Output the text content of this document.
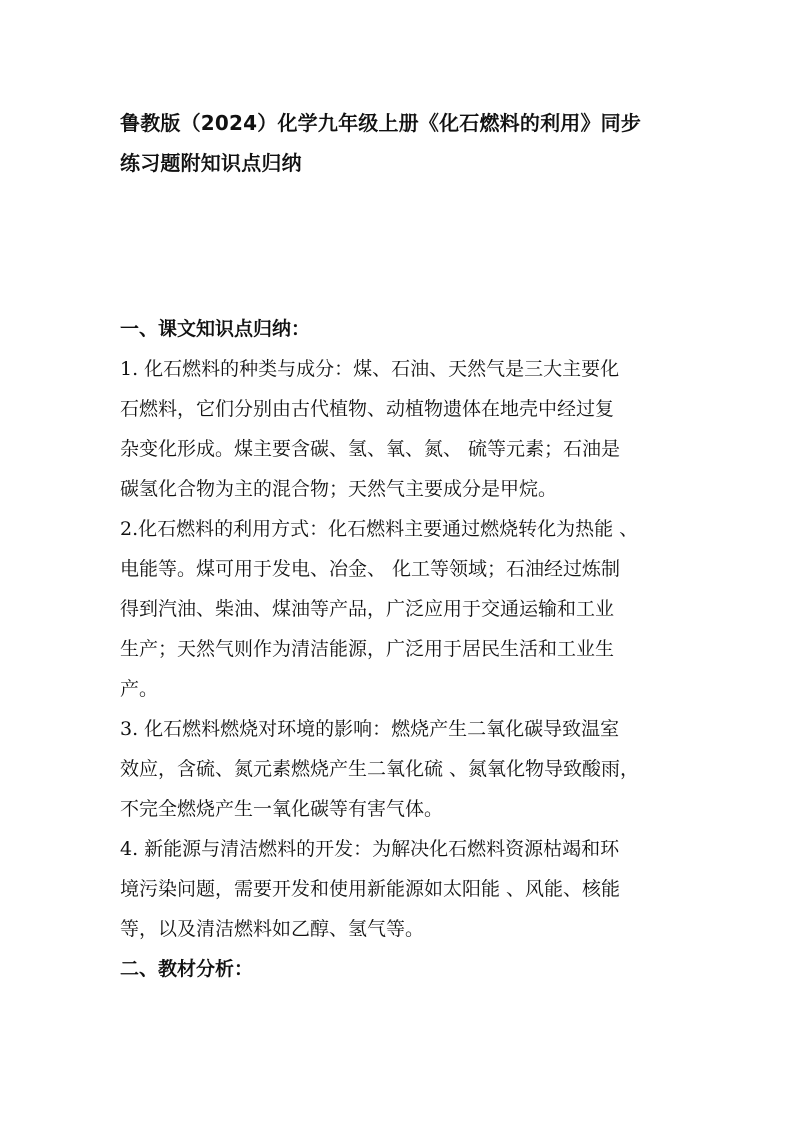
鲁教版（2024）化学九年级上册《化石燃料的利用》同步
练习题附知识点归纳
一、课文知识点归纳：

1. 化石燃料的种类与成分：煤、石油、天然气是三大主要化
石燃料，它们分别由古代植物、动植物遗体在地壳中经过复
杂变化形成。煤主要含碳、氢、氧、氮、 硫等元素；石油是
碳氢化合物为主的混合物；天然气主要成分是甲烷。

2.化石燃料的利用方式：化石燃料主要通过燃烧转化为热能 、
电能等。煤可用于发电、冶金、 化工等领域；石油经过炼制
得到汽油、柴油、煤油等产品，广泛应用于交通运输和工业
生产；天然气则作为清洁能源，广泛用于居民生活和工业生
产。

3. 化石燃料燃烧对环境的影响：燃烧产生二氧化碳导致温室
效应，含硫、氮元素燃烧产生二氧化硫 、氮氧化物导致酸雨，
不完全燃烧产生一氧化碳等有害气体。

4. 新能源与清洁燃料的开发：为解决化石燃料资源枯竭和环
境污染问题，需要开发和使用新能源如太阳能 、风能、核能
等，以及清洁燃料如乙醇、氢气等。

二、教材分析：
